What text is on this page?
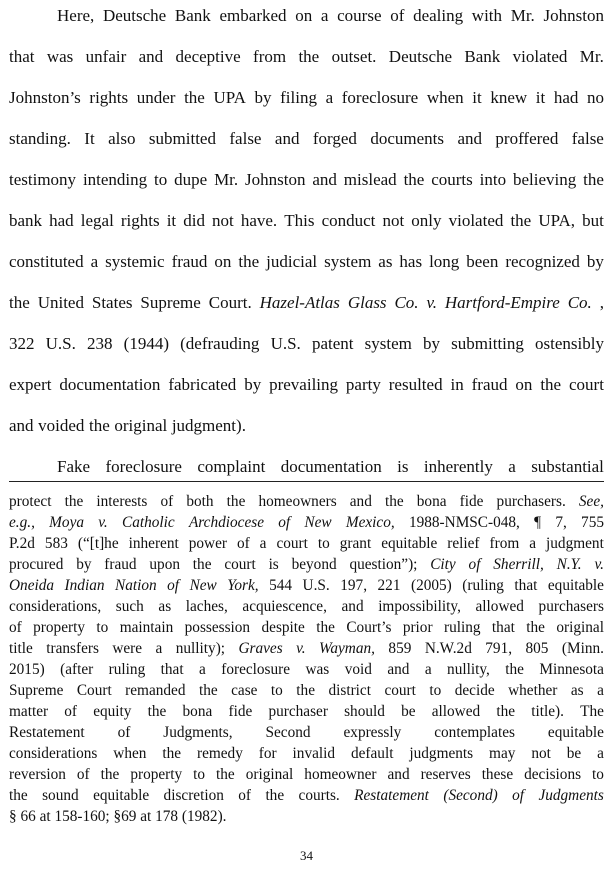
Here, Deutsche Bank embarked on a course of dealing with Mr. Johnston
that was unfair and deceptive from the outset. Deutsche Bank violated Mr.
Johnston’s rights under the UPA by filing a foreclosure when it knew it had no
standing. It also submitted false and forged documents and proffered false
testimony intending to dupe Mr. Johnston and mislead the courts into believing the
bank had legal rights it did not have. This conduct not only violated the UPA, but
constituted a systemic fraud on the judicial system as has long been recognized by
the United States Supreme Court. Hazel-Atlas Glass Co. v. Hartford-Empire Co. ,
322 U.S. 238 (1944) (defrauding U.S. patent system by submitting ostensibly
expert documentation fabricated by prevailing party resulted in fraud on the court
and voided the original judgment).
Fake foreclosure complaint documentation is inherently a substantial
protect the interests of both the homeowners and the bona fide purchasers. See,
e.g., Moya v. Catholic Archdiocese of New Mexico, 1988-NMSC-048, ¶ 7, 755
P.2d 583 (“[t]he inherent power of a court to grant equitable relief from a judgment
procured by fraud upon the court is beyond question”); City of Sherrill, N.Y. v.
Oneida Indian Nation of New York, 544 U.S. 197, 221 (2005) (ruling that equitable
considerations, such as laches, acquiescence, and impossibility, allowed purchasers
of property to maintain possession despite the Court’s prior ruling that the original
title transfers were a nullity); Graves v. Wayman, 859 N.W.2d 791, 805 (Minn.
2015) (after ruling that a foreclosure was void and a nullity, the Minnesota
Supreme Court remanded the case to the district court to decide whether as a
matter of equity the bona fide purchaser should be allowed the title). The
Restatement of Judgments, Second expressly contemplates equitable
considerations when the remedy for invalid default judgments may not be a
reversion of the property to the original homeowner and reserves these decisions to
the sound equitable discretion of the courts. Restatement (Second) of Judgments
§ 66 at 158-160; §69 at 178 (1982).
34
